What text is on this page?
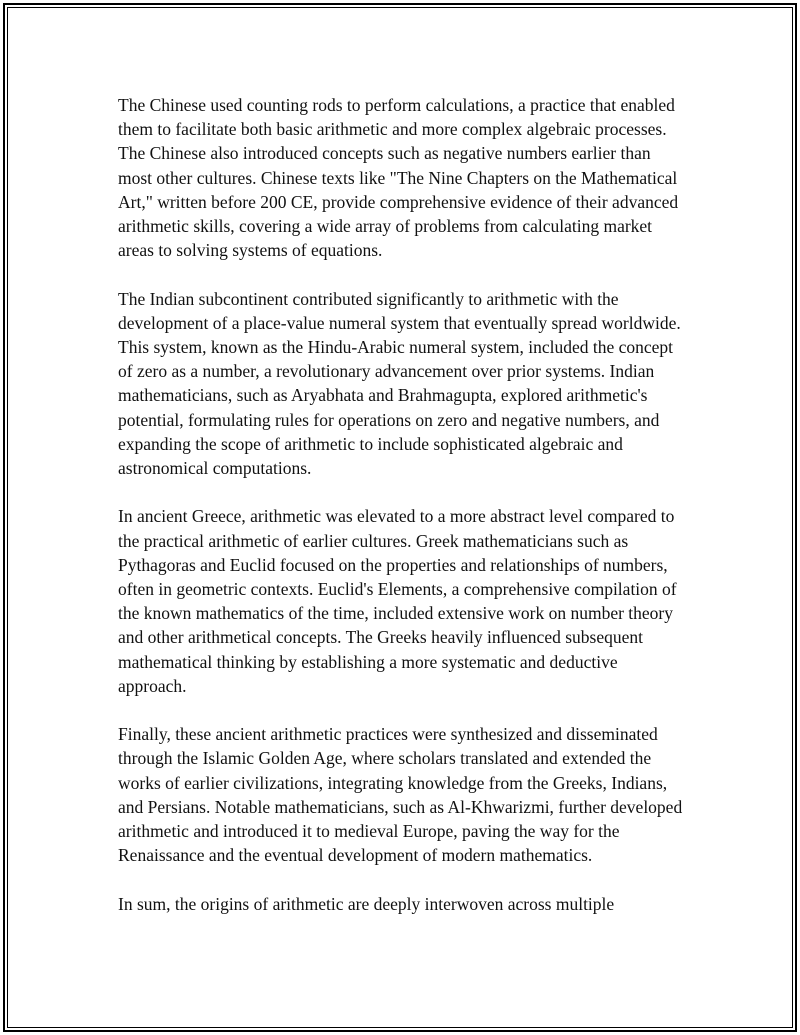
The Chinese used counting rods to perform calculations, a practice that enabled them to facilitate both basic arithmetic and more complex algebraic processes. The Chinese also introduced concepts such as negative numbers earlier than most other cultures. Chinese texts like "The Nine Chapters on the Mathematical Art," written before 200 CE, provide comprehensive evidence of their advanced arithmetic skills, covering a wide array of problems from calculating market areas to solving systems of equations.

The Indian subcontinent contributed significantly to arithmetic with the development of a place-value numeral system that eventually spread worldwide. This system, known as the Hindu-Arabic numeral system, included the concept of zero as a number, a revolutionary advancement over prior systems. Indian mathematicians, such as Aryabhata and Brahmagupta, explored arithmetic's potential, formulating rules for operations on zero and negative numbers, and expanding the scope of arithmetic to include sophisticated algebraic and astronomical computations.

In ancient Greece, arithmetic was elevated to a more abstract level compared to the practical arithmetic of earlier cultures. Greek mathematicians such as Pythagoras and Euclid focused on the properties and relationships of numbers, often in geometric contexts. Euclid's Elements, a comprehensive compilation of the known mathematics of the time, included extensive work on number theory and other arithmetical concepts. The Greeks heavily influenced subsequent mathematical thinking by establishing a more systematic and deductive approach.

Finally, these ancient arithmetic practices were synthesized and disseminated through the Islamic Golden Age, where scholars translated and extended the works of earlier civilizations, integrating knowledge from the Greeks, Indians, and Persians. Notable mathematicians, such as Al-Khwarizmi, further developed arithmetic and introduced it to medieval Europe, paving the way for the Renaissance and the eventual development of modern mathematics.

In sum, the origins of arithmetic are deeply interwoven across multiple
